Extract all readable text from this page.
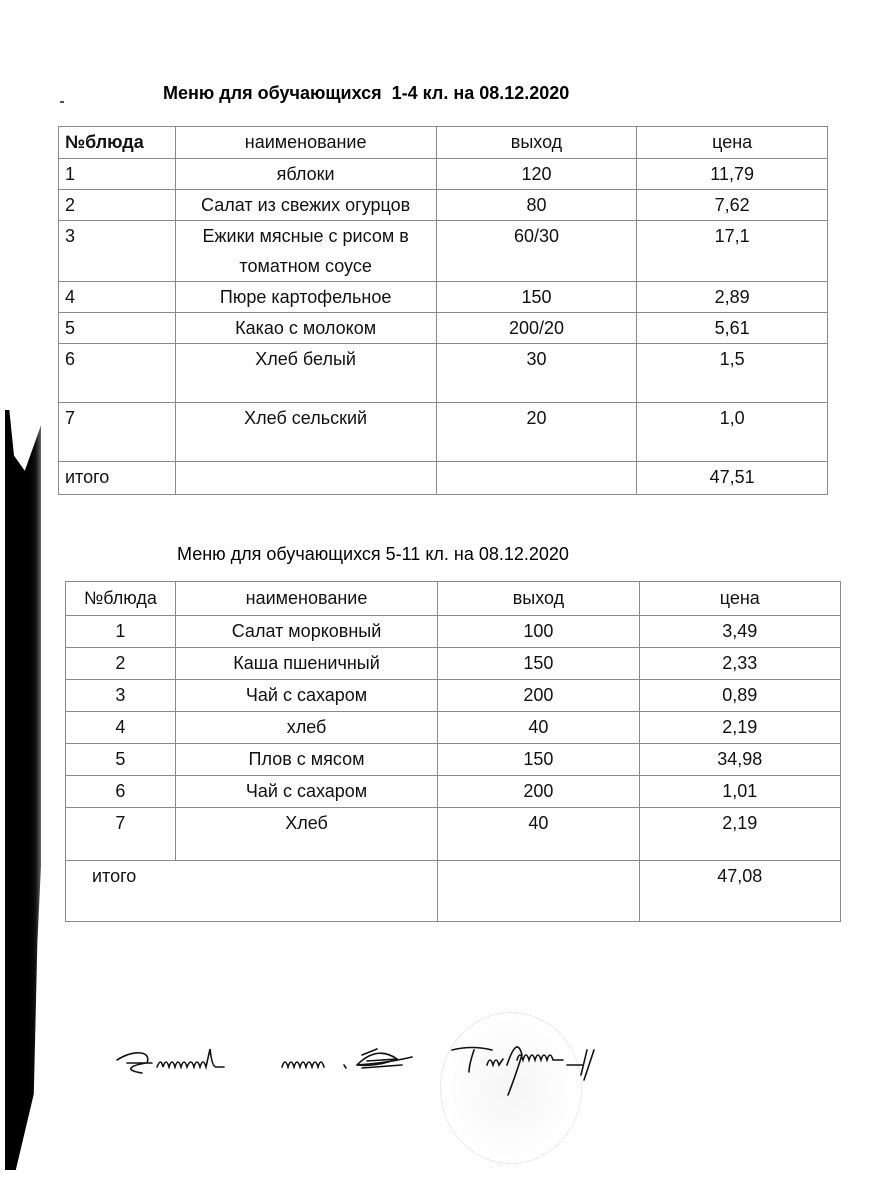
Меню для обучающихся  1-4 кл. на 08.12.2020
№блюда	наименование	выход	цена
1	яблоки	120	11,79
2	Салат из свежих огурцов	80	7,62
3	Ежики мясные с рисом в томатном соусе	60/30	17,1
4	Пюре картофельное	150	2,89
5	Какао с молоком	200/20	5,61
6	Хлеб белый	30	1,5
7	Хлеб сельский	20	1,0
итого			47,51
Меню для обучающихся 5-11 кл. на 08.12.2020
№блюда	наименование	выход	цена
1	Салат морковный	100	3,49
2	Каша пшеничный	150	2,33
3	Чай с сахаром	200	0,89
4	хлеб	40	2,19
5	Плов с мясом	150	34,98
6	Чай с сахаром	200	1,01
7	Хлеб	40	2,19
итого			47,08
